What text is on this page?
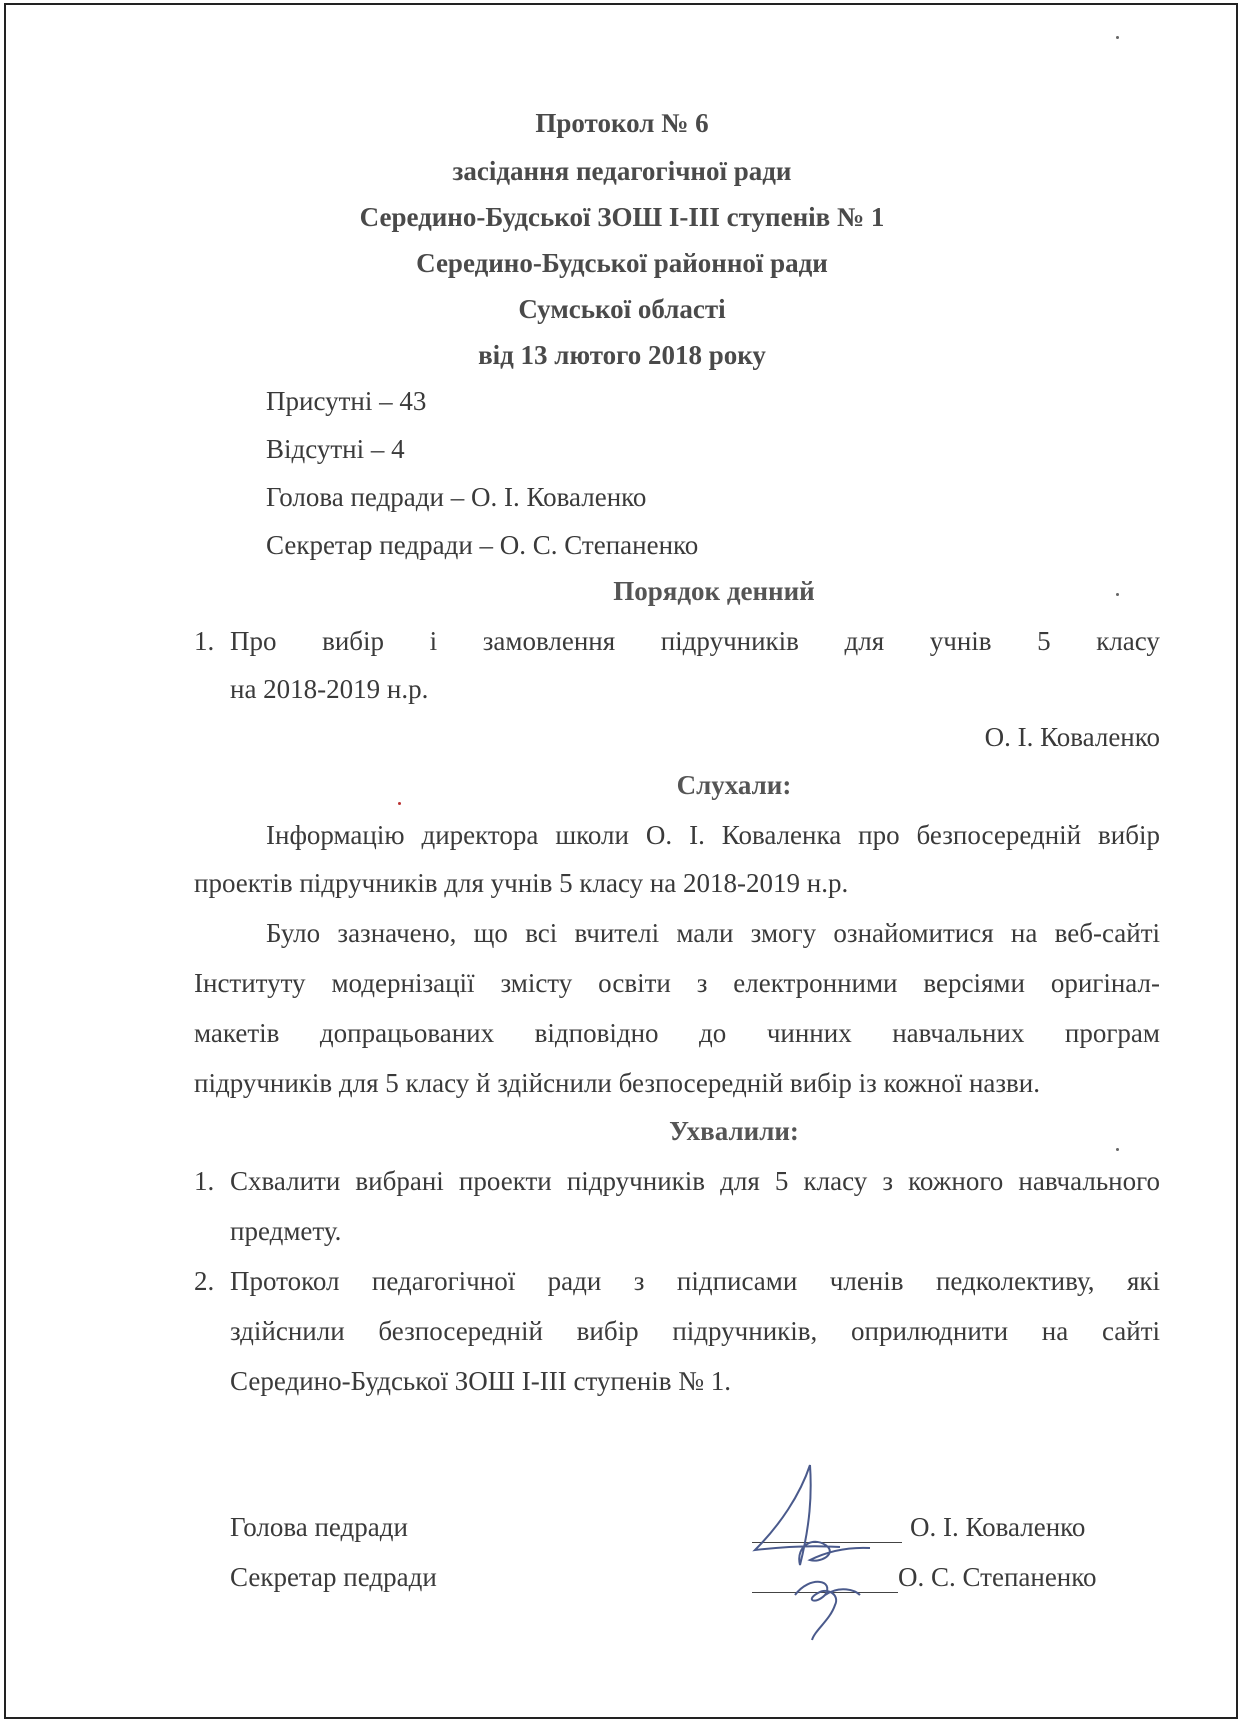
Протокол № 6
засідання педагогічної ради
Середино-Будської ЗОШ І-ІІІ ступенів № 1
Середино-Будської районної ради
Сумської області
від 13 лютого 2018 року
Присутні – 43
Відсутні – 4
Голова педради – О. І. Коваленко
Секретар педради – О. С. Степаненко
Порядок денний
1. Про вибір і замовлення підручників для учнів 5 класу
на 2018-2019 н.р.
О. І. Коваленко
Слухали:
Інформацію директора школи О. І. Коваленка про безпосередній вибір
проектів підручників для учнів 5 класу на 2018-2019 н.р.
Було зазначено, що всі вчителі мали змогу ознайомитися на веб-сайті
Інституту модернізації змісту освіти з електронними версіями оригінал-
макетів допрацьованих відповідно до чинних навчальних програм
підручників для 5 класу й здійснили безпосередній вибір із кожної назви.
Ухвалили:
1. Схвалити вибрані проекти підручників для 5 класу з кожного навчального
предмету.
2. Протокол педагогічної ради з підписами членів педколективу, які
здійснили безпосередній вибір підручників, оприлюднити на сайті
Середино-Будської ЗОШ І-ІІІ ступенів № 1.
Голова педради	О. І. Коваленко
Секретар педради	О. С. Степаненко
